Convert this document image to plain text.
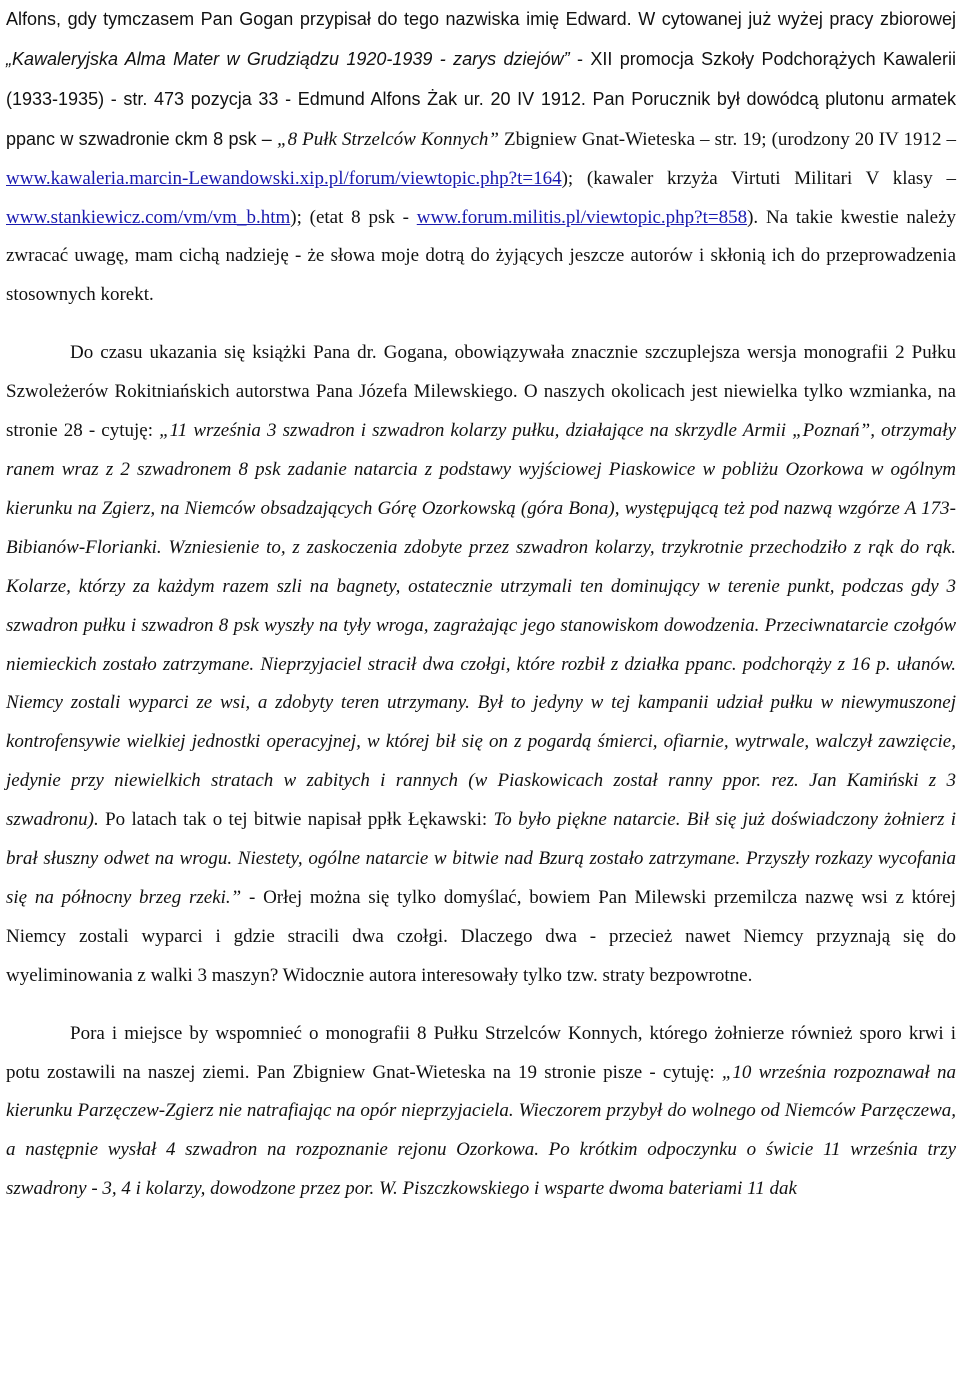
Alfons, gdy tymczasem Pan Gogan przypisał do tego nazwiska imię Edward. W cytowanej już wyżej pracy zbiorowej „Kawaleryjska Alma Mater w Grudziądzu 1920-1939 - zarys dziejów” - XII promocja Szkoły Podchorążych Kawalerii (1933-1935) - str. 473 pozycja 33 - Edmund Alfons Żak ur. 20 IV 1912. Pan Porucznik był dowódcą plutonu armatek ppanc w szwadronie ckm 8 psk – „8 Pułk Strzelców Konnych” Zbigniew Gnat-Wieteska – str. 19; (urodzony 20 IV 1912 – www.kawaleria.marcin-Lewandowski.xip.pl/forum/viewtopic.php?t=164); (kawaler krzyża Virtuti Militari V klasy – www.stankiewicz.com/vm/vm_b.htm); (etat 8 psk - www.forum.militis.pl/viewtopic.php?t=858). Na takie kwestie należy zwracać uwagę, mam cichą nadzieję - że słowa moje dotrą do żyjących jeszcze autorów i skłonią ich do przeprowadzenia stosownych korekt.

Do czasu ukazania się książki Pana dr. Gogana, obowiązywała znacznie szczuplejsza wersja monografii 2 Pułku Szwoleżerów Rokitniańskich autorstwa Pana Józefa Milewskiego. O naszych okolicach jest niewielka tylko wzmianka, na stronie 28 - cytuję: „11 września 3 szwadron i szwadron kolarzy pułku, działające na skrzydle Armii „Poznań”, otrzymały ranem wraz z 2 szwadronem 8 psk zadanie natarcia z podstawy wyjściowej Piaskowice w pobliżu Ozorkowa w ogólnym kierunku na Zgierz, na Niemców obsadzających Górę Ozorkowską (góra Bona), występującą też pod nazwą wzgórze A 173-Bibianów-Florianki. Wzniesienie to, z zaskoczenia zdobyte przez szwadron kolarzy, trzykrotnie przechodziło z rąk do rąk. Kolarze, którzy za każdym razem szli na bagnety, ostatecznie utrzymali ten dominujący w terenie punkt, podczas gdy 3 szwadron pułku i szwadron 8 psk wyszły na tyły wroga, zagrażając jego stanowiskom dowodzenia. Przeciwnatarcie czołgów niemieckich zostało zatrzymane. Nieprzyjaciel stracił dwa czołgi, które rozbił z działka ppanc. podchorąży z 16 p. ułanów. Niemcy zostali wyparci ze wsi, a zdobyty teren utrzymany. Był to jedyny w tej kampanii udział pułku w niewymuszonej kontrofensywie wielkiej jednostki operacyjnej, w której bił się on z pogardą śmierci, ofiarnie, wytrwale, walczył zawzięcie, jedynie przy niewielkich stratach w zabitych i rannych (w Piaskowicach został ranny ppor. rez. Jan Kamiński z 3 szwadronu). Po latach tak o tej bitwie napisał ppłk Łękawski: To było piękne natarcie. Bił się już doświadczony żołnierz i brał słuszny odwet na wrogu. Niestety, ogólne natarcie w bitwie nad Bzurą zostało zatrzymane. Przyszły rozkazy wycofania się na północny brzeg rzeki.” - Orłej można się tylko domyślać, bowiem Pan Milewski przemilcza nazwę wsi z której Niemcy zostali wyparci i gdzie stracili dwa czołgi. Dlaczego dwa - przecież nawet Niemcy przyznają się do wyeliminowania z walki 3 maszyn? Widocznie autora interesowały tylko tzw. straty bezpowrotne.

Pora i miejsce by wspomnieć o monografii 8 Pułku Strzelców Konnych, którego żołnierze również sporo krwi i potu zostawili na naszej ziemi. Pan Zbigniew Gnat-Wieteska na 19 stronie pisze - cytuję: „10 września rozpoznawał na kierunku Parzęczew-Zgierz nie natrafiając na opór nieprzyjaciela. Wieczorem przybył do wolnego od Niemców Parzęczewa, a następnie wysłał 4 szwadron na rozpoznanie rejonu Ozorkowa. Po krótkim odpoczynku o świcie 11 września trzy szwadrony - 3, 4 i kolarzy, dowodzone przez por. W. Piszczkowskiego i wsparte dwoma bateriami 11 dak
